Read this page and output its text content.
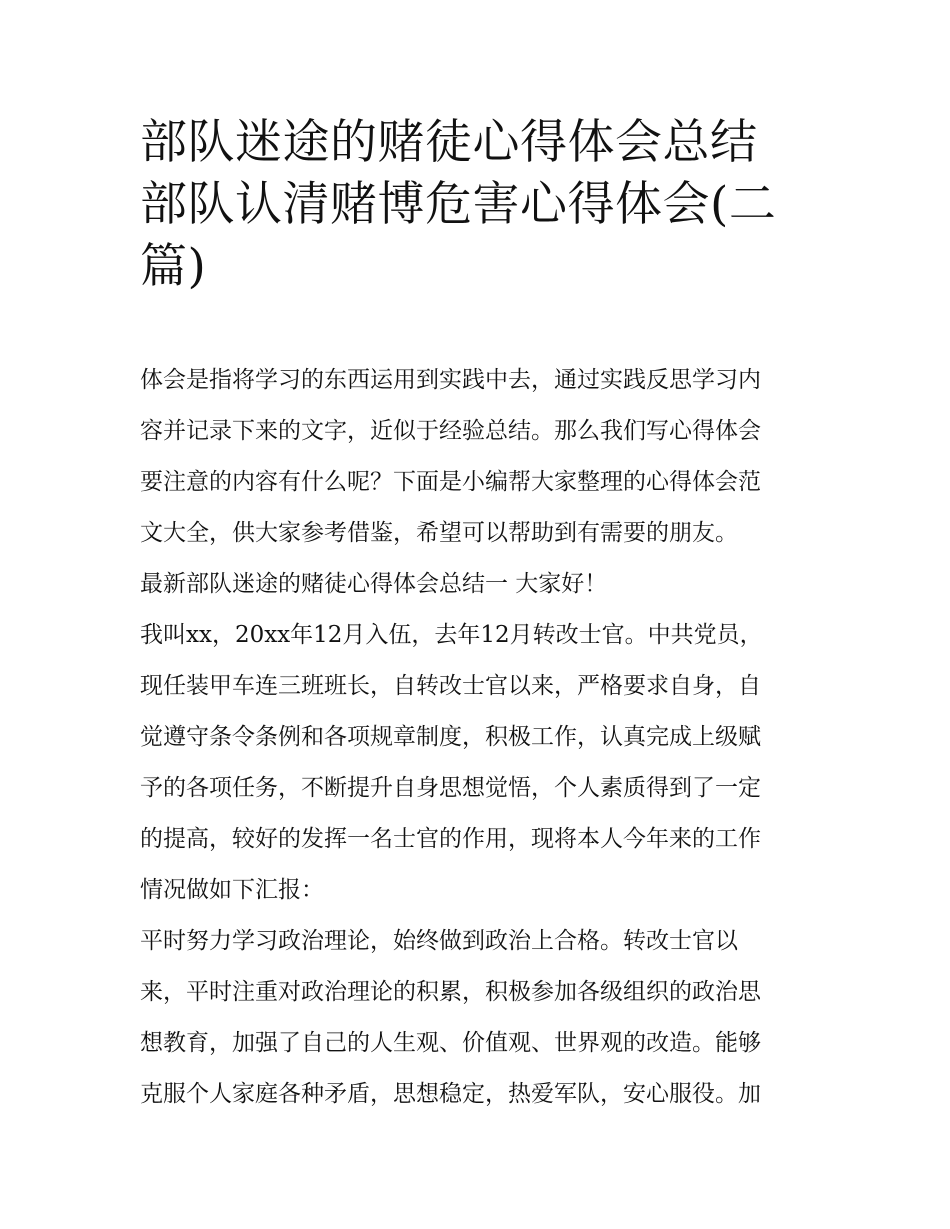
部队迷途的赌徒心得体会总结
部队认清赌博危害心得体会(二
篇)
体会是指将学习的东西运用到实践中去，通过实践反思学习内
容并记录下来的文字，近似于经验总结。那么我们写心得体会
要注意的内容有什么呢？下面是小编帮大家整理的心得体会范
文大全，供大家参考借鉴，希望可以帮助到有需要的朋友。
最新部队迷途的赌徒心得体会总结一 大家好！
我叫xx，20xx年12月入伍，去年12月转改士官。中共党员，
现任装甲车连三班班长，自转改士官以来，严格要求自身，自
觉遵守条令条例和各项规章制度，积极工作，认真完成上级赋
予的各项任务，不断提升自身思想觉悟，个人素质得到了一定
的提高，较好的发挥一名士官的作用，现将本人今年来的工作
情况做如下汇报：
平时努力学习政治理论，始终做到政治上合格。转改士官以
来，平时注重对政治理论的积累，积极参加各级组织的政治思
想教育，加强了自己的人生观、价值观、世界观的改造。能够
克服个人家庭各种矛盾，思想稳定，热爱军队，安心服役。加
